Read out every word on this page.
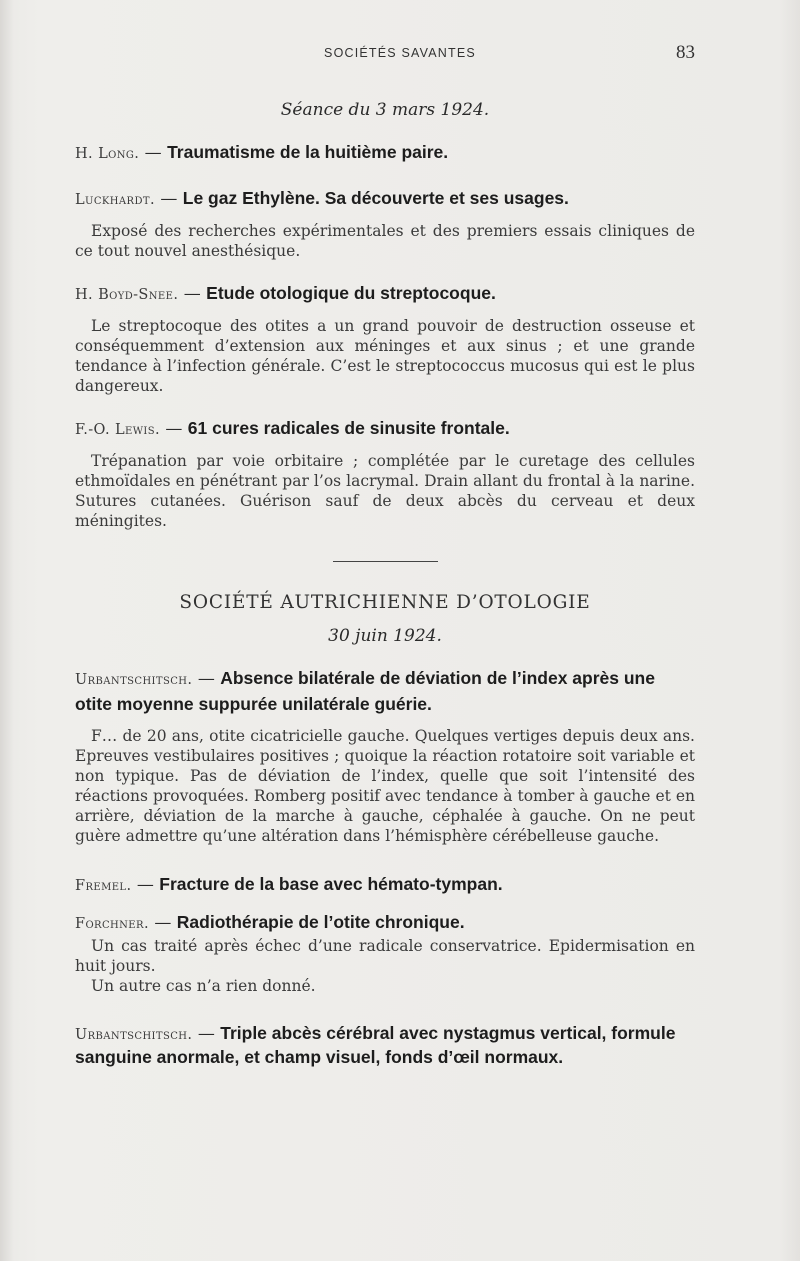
SOCIÉTÉS SAVANTES	83
Séance du 3 mars 1924.
H. Long. — Traumatisme de la huitième paire.
Luckhardt. — Le gaz Ethylène. Sa découverte et ses usages.
Exposé des recherches expérimentales et des premiers essais cliniques de ce tout nouvel anesthésique.
H. Boyd-Snee. — Etude otologique du streptocoque.
Le streptocoque des otites a un grand pouvoir de destruction osseuse et conséquemment d’extension aux méninges et aux sinus ; et une grande tendance à l’infection générale. C’est le streptococcus mucosus qui est le plus dangereux.
F.-O. Lewis. — 61 cures radicales de sinusite frontale.
Trépanation par voie orbitaire ; complétée par le curetage des cellules ethmoïdales en pénétrant par l’os lacrymal. Drain allant du frontal à la narine. Sutures cutanées. Guérison sauf de deux abcès du cerveau et deux méningites.
SOCIÉTÉ AUTRICHIENNE D’OTOLOGIE
30 juin 1924.
Urbantschitsch. — Absence bilatérale de déviation de l’index après une otite moyenne suppurée unilatérale guérie.
F… de 20 ans, otite cicatricielle gauche. Quelques vertiges depuis deux ans. Epreuves vestibulaires positives ; quoique la réaction rotatoire soit variable et non typique. Pas de déviation de l’index, quelle que soit l’intensité des réactions provoquées. Romberg positif avec tendance à tomber à gauche et en arrière, déviation de la marche à gauche, céphalée à gauche. On ne peut guère admettre qu’une altération dans l’hémisphère cérébelleuse gauche.
Fremel. — Fracture de la base avec hémato-tympan.
Forchner. — Radiothérapie de l’otite chronique.
Un cas traité après échec d’une radicale conservatrice. Epidermisation en huit jours.
Un autre cas n’a rien donné.
Urbantschitsch. — Triple abcès cérébral avec nystagmus vertical, formule sanguine anormale, et champ visuel, fonds d’œil normaux.
